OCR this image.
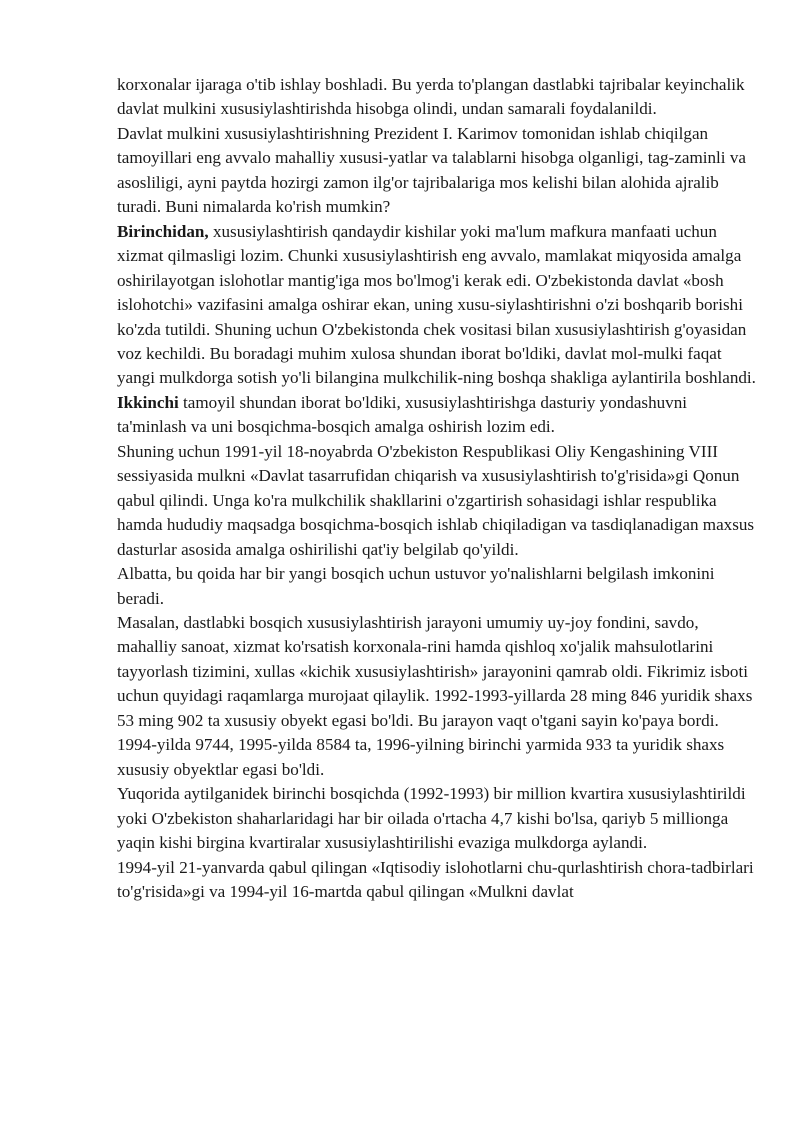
korxonalar ijaraga o'tib ishlay boshladi. Bu yerda to'plangan dastlabki tajribalar keyinchalik davlat mulkini xususiylashtirishda hisobga olindi, undan samarali foydalanildi.

Davlat mulkini xususiylashtirishning Prezident I. Karimov tomonidan ishlab chiqilgan tamoyillari eng avvalo mahalliy xususi-yatlar va talablarni hisobga olganligi, tag-zaminli va asosliligi, ayni paytda hozirgi zamon ilg'or tajribalariga mos kelishi bilan alohida ajralib turadi. Buni nimalarda ko'rish mumkin?

Birinchidan, xususiylashtirish qandaydir kishilar yoki ma'lum mafkura manfaati uchun xizmat qilmasligi lozim. Chunki xususiylashtirish eng avvalo, mamlakat miqyosida amalga oshirilayotgan islohotlar mantig'iga mos bo'lmog'i kerak edi. O'zbekistonda davlat «bosh islohotchi» vazifasini amalga oshirar ekan, uning xusu-siylashtirishni o'zi boshqarib borishi ko'zda tutildi. Shuning uchun O'zbekistonda chek vositasi bilan xususiylashtirish g'oyasidan voz kechildi. Bu boradagi muhim xulosa shundan iborat bo'ldiki, davlat mol-mulki faqat yangi mulkdorga sotish yo'li bilangina mulkchilik-ning boshqa shakliga aylantirila boshlandi.

Ikkinchi tamoyil shundan iborat bo'ldiki, xususiylashtirishga dasturiy yondashuvni ta'minlash va uni bosqichma-bosqich amalga oshirish lozim edi.

Shuning uchun 1991-yil 18-noyabrda O'zbekiston Respublikasi Oliy Kengashining VIII sessiyasida mulkni «Davlat tasarrufidan chiqarish va xususiylashtirish to'g'risida»gi Qonun qabul qilindi. Unga ko'ra mulkchilik shakllarini o'zgartirish sohasidagi ishlar respublika hamda hududiy maqsadga bosqichma-bosqich ishlab chiqiladigan va tasdiqlanadigan maxsus dasturlar asosida amalga oshirilishi qat'iy belgilab qo'yildi.

Albatta, bu qoida har bir yangi bosqich uchun ustuvor yo'nalishlarni belgilash imkonini beradi.

Masalan, dastlabki bosqich xususiylashtirish jarayoni umumiy uy-joy fondini, savdo, mahalliy sanoat, xizmat ko'rsatish korxonala-rini hamda qishloq xo'jalik mahsulotlarini tayyorlash tizimini, xullas «kichik xususiylashtirish» jarayonini qamrab oldi. Fikrimiz isboti uchun quyidagi raqamlarga murojaat qilaylik. 1992-1993-yillarda 28 ming 846 yuridik shaxs 53 ming 902 ta xususiy obyekt egasi bo'ldi. Bu jarayon vaqt o'tgani sayin ko'paya bordi. 1994-yilda 9744, 1995-yilda 8584 ta, 1996-yilning birinchi yarmida 933 ta yuridik shaxs xususiy obyektlar egasi bo'ldi.

Yuqorida aytilganidek birinchi bosqichda (1992-1993) bir million kvartira xususiylashtirildi yoki O'zbekiston shaharlaridagi har bir oilada o'rtacha 4,7 kishi bo'lsa, qariyb 5 millionga yaqin kishi birgina kvartiralar xususiylashtirilishi evaziga mulkdorga aylandi.

1994-yil 21-yanvarda qabul qilingan «Iqtisodiy islohotlarni chu-qurlashtirish chora-tadbirlari to'g'risida»gi va 1994-yil 16-martda qabul qilingan «Mulkni davlat
